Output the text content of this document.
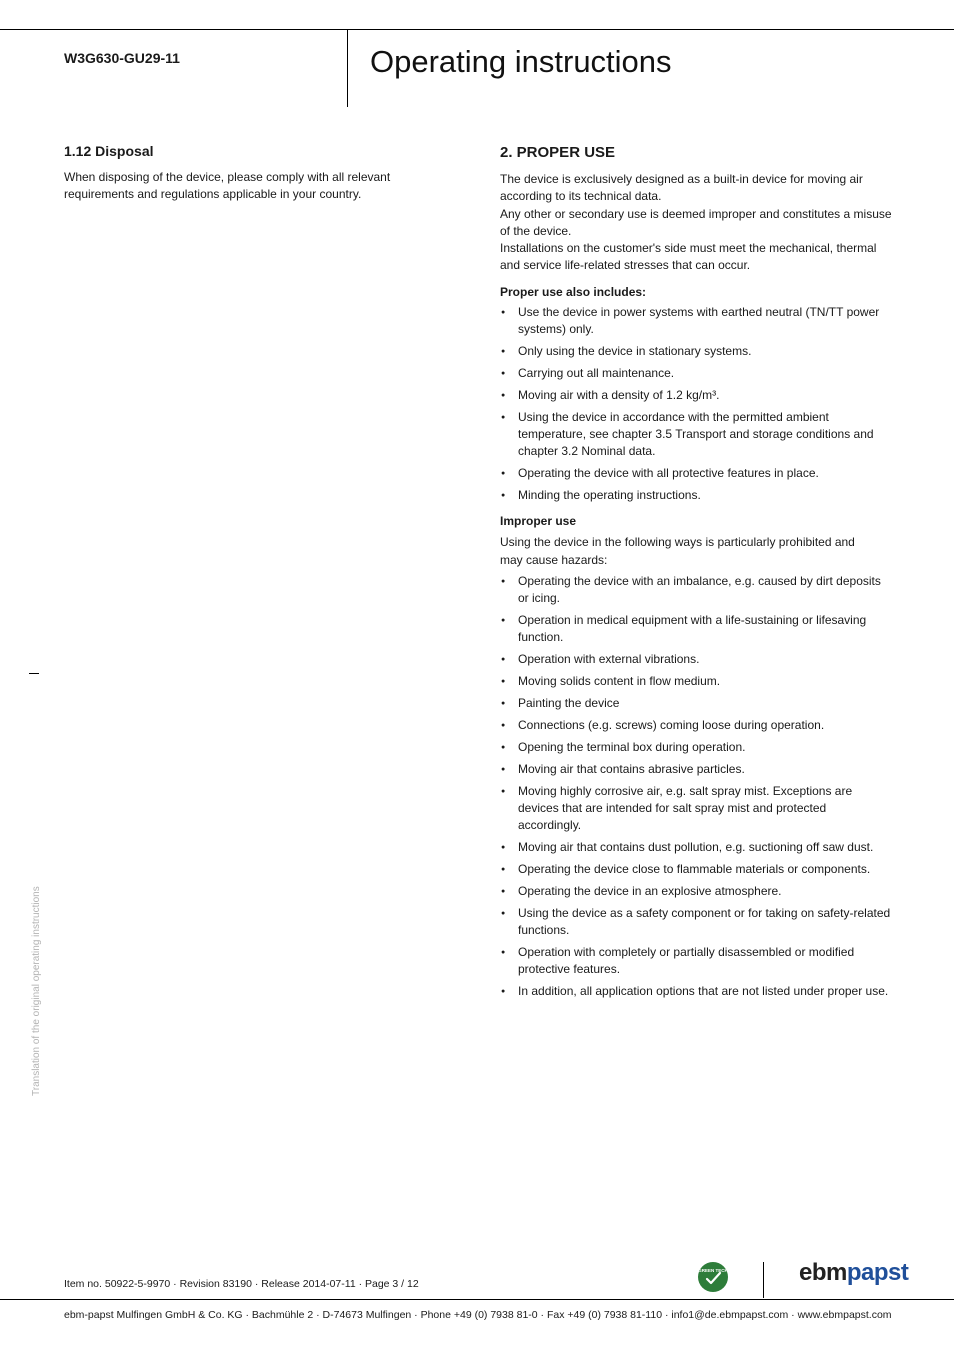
W3G630-GU29-11	Operating instructions
1.12 Disposal

When disposing of the device, please comply with all relevant requirements and regulations applicable in your country.

2. PROPER USE

The device is exclusively designed as a built-in device for moving air according to its technical data.

Any other or secondary use is deemed improper and constitutes a misuse of the device.

Installations on the customer's side must meet the mechanical, thermal and service life-related stresses that can occur.

Proper use also includes:

● Use the device in power systems with earthed neutral (TN/TT power systems) only.
● Only using the device in stationary systems.
● Carrying out all maintenance.
● Moving air with a density of 1.2 kg/m³.
● Using the device in accordance with the permitted ambient temperature, see chapter 3.5 Transport and storage conditions and chapter 3.2 Nominal data.
● Operating the device with all protective features in place.
● Minding the operating instructions.

Improper use

Using the device in the following ways is particularly prohibited and may cause hazards:

● Operating the device with an imbalance, e.g. caused by dirt deposits or icing.
● Operation in medical equipment with a life-sustaining or lifesaving function.
● Operation with external vibrations.
● Moving solids content in flow medium.
● Painting the device
● Connections (e.g. screws) coming loose during operation.
● Opening the terminal box during operation.
● Moving air that contains abrasive particles.
● Moving highly corrosive air, e.g. salt spray mist. Exceptions are devices that are intended for salt spray mist and protected accordingly.
● Moving air that contains dust pollution, e.g. suctioning off saw dust.
● Operating the device close to flammable materials or components.
● Operating the device in an explosive atmosphere.
● Using the device as a safety component or for taking on safety-related functions.
● Operation with completely or partially disassembled or modified protective features.
● In addition, all application options that are not listed under proper use.
Translation of the original operating instructions
Item no. 50922-5-9970 · Revision 83190 · Release 2014-07-11 · Page 3 / 12
GREEN TECH	ebmpapst
ebm-papst Mulfingen GmbH & Co. KG · Bachmühle 2 · D-74673 Mulfingen · Phone +49 (0) 7938 81-0 · Fax +49 (0) 7938 81-110 · info1@de.ebmpapst.com · www.ebmpapst.com
